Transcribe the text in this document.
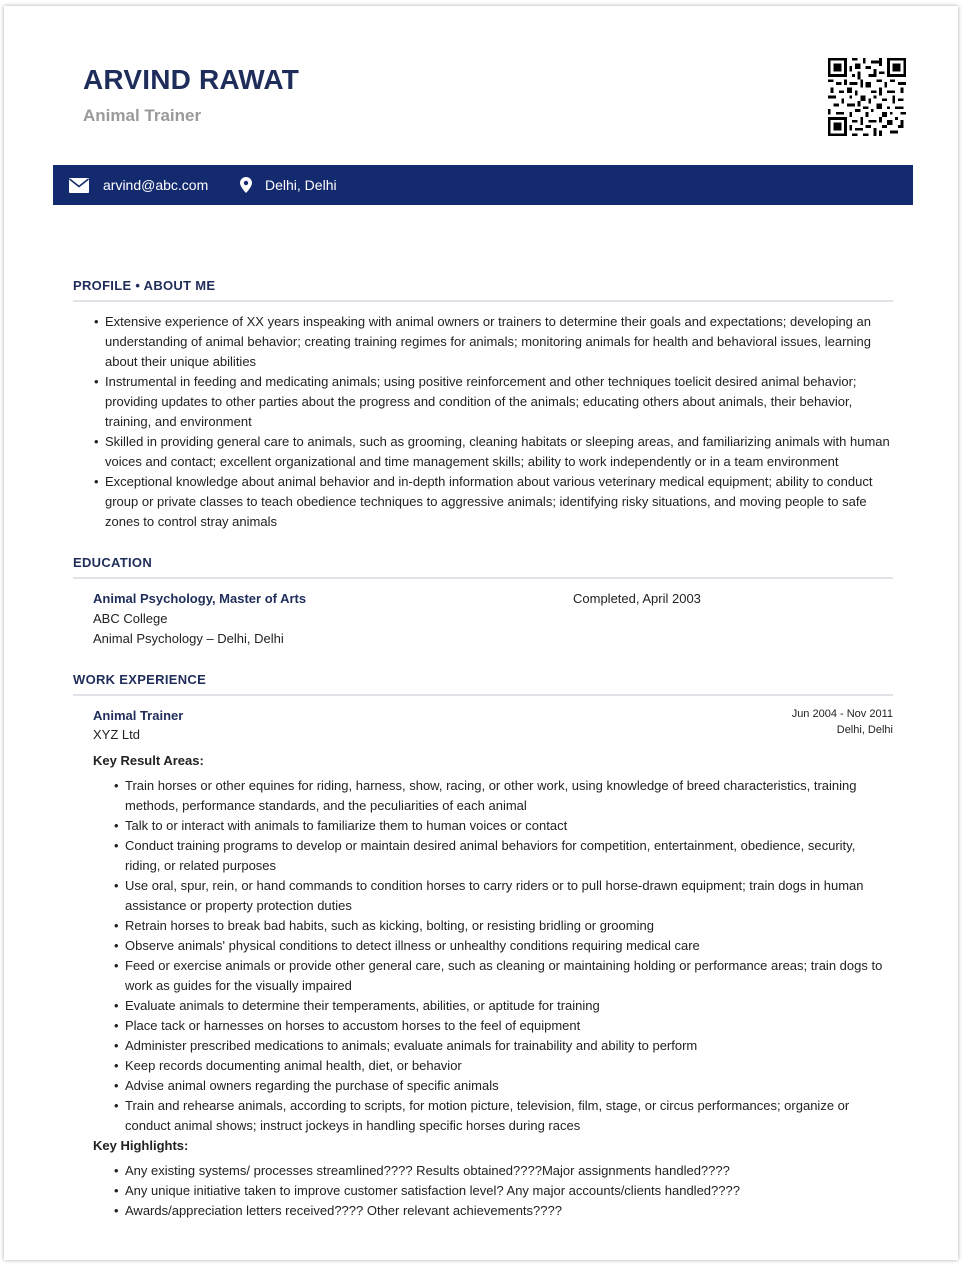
ARVIND RAWAT
Animal Trainer
arvind@abc.com	Delhi, Delhi
PROFILE • ABOUT ME
• Extensive experience of XX years inspeaking with animal owners or trainers to determine their goals and expectations; developing an understanding of animal behavior; creating training regimes for animals; monitoring animals for health and behavioral issues, learning about their unique abilities
• Instrumental in feeding and medicating animals; using positive reinforcement and other techniques toelicit desired animal behavior; providing updates to other parties about the progress and condition of the animals; educating others about animals, their behavior, training, and environment
• Skilled in providing general care to animals, such as grooming, cleaning habitats or sleeping areas, and familiarizing animals with human voices and contact; excellent organizational and time management skills; ability to work independently or in a team environment
• Exceptional knowledge about animal behavior and in-depth information about various veterinary medical equipment; ability to conduct group or private classes to teach obedience techniques to aggressive animals; identifying risky situations, and moving people to safe zones to control stray animals
EDUCATION
Animal Psychology, Master of Arts	Completed, April 2003
ABC College
Animal Psychology – Delhi, Delhi
WORK EXPERIENCE
Animal Trainer
XYZ Ltd
Jun 2004 - Nov 2011
Delhi, Delhi
Key Result Areas:
• Train horses or other equines for riding, harness, show, racing, or other work, using knowledge of breed characteristics, training methods, performance standards, and the peculiarities of each animal
• Talk to or interact with animals to familiarize them to human voices or contact
• Conduct training programs to develop or maintain desired animal behaviors for competition, entertainment, obedience, security, riding, or related purposes
• Use oral, spur, rein, or hand commands to condition horses to carry riders or to pull horse-drawn equipment; train dogs in human assistance or property protection duties
• Retrain horses to break bad habits, such as kicking, bolting, or resisting bridling or grooming
• Observe animals' physical conditions to detect illness or unhealthy conditions requiring medical care
• Feed or exercise animals or provide other general care, such as cleaning or maintaining holding or performance areas; train dogs to work as guides for the visually impaired
• Evaluate animals to determine their temperaments, abilities, or aptitude for training
• Place tack or harnesses on horses to accustom horses to the feel of equipment
• Administer prescribed medications to animals; evaluate animals for trainability and ability to perform
• Keep records documenting animal health, diet, or behavior
• Advise animal owners regarding the purchase of specific animals
• Train and rehearse animals, according to scripts, for motion picture, television, film, stage, or circus performances; organize or conduct animal shows; instruct jockeys in handling specific horses during races
Key Highlights:
• Any existing systems/ processes streamlined???? Results obtained????Major assignments handled????
• Any unique initiative taken to improve customer satisfaction level? Any major accounts/clients handled????
• Awards/appreciation letters received???? Other relevant achievements????
